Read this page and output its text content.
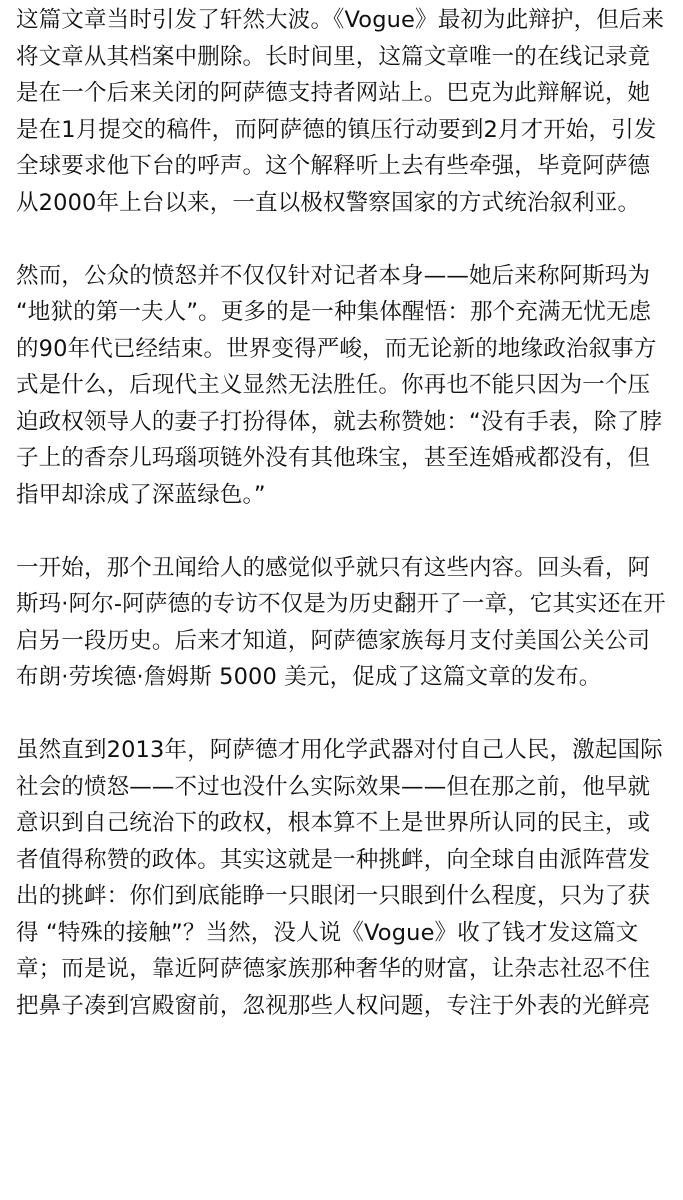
这篇文章当时引发了轩然大波。《Vogue》最初为此辩护，但后来将文章从其档案中删除。长时间里，这篇文章唯一的在线记录竟是在一个后来关闭的阿萨德支持者网站上。巴克为此辩解说，她是在1月提交的稿件，而阿萨德的镇压行动要到2月才开始，引发全球要求他下台的呼声。这个解释听上去有些牵强，毕竟阿萨德从2000年上台以来，一直以极权警察国家的方式统治叙利亚。

然而，公众的愤怒并不仅仅针对记者本身——她后来称阿斯玛为 “地狱的第一夫人”。更多的是一种集体醒悟：那个充满无忧无虑的90年代已经结束。世界变得严峻，而无论新的地缘政治叙事方式是什么，后现代主义显然无法胜任。你再也不能只因为一个压迫政权领导人的妻子打扮得体，就去称赞她：“没有手表，除了脖子上的香奈儿玛瑙项链外没有其他珠宝，甚至连婚戒都没有，但指甲却涂成了深蓝绿色。”

一开始，那个丑闻给人的感觉似乎就只有这些内容。回头看，阿斯玛·阿尔-阿萨德的专访不仅是为历史翻开了一章，它其实还在开启另一段历史。后来才知道，阿萨德家族每月支付美国公关公司布朗·劳埃德·詹姆斯 5000 美元，促成了这篇文章的发布。

虽然直到2013年，阿萨德才用化学武器对付自己人民，激起国际社会的愤怒——不过也没什么实际效果——但在那之前，他早就意识到自己统治下的政权，根本算不上是世界所认同的民主，或者值得称赞的政体。其实这就是一种挑衅，向全球自由派阵营发出的挑衅：你们到底能睁一只眼闭一只眼到什么程度，只为了获得 “特殊的接触”？当然，没人说《Vogue》收了钱才发这篇文章；而是说，靠近阿萨德家族那种奢华的财富，让杂志社忍不住把鼻子凑到宫殿窗前，忽视那些人权问题，专注于外表的光鲜亮
